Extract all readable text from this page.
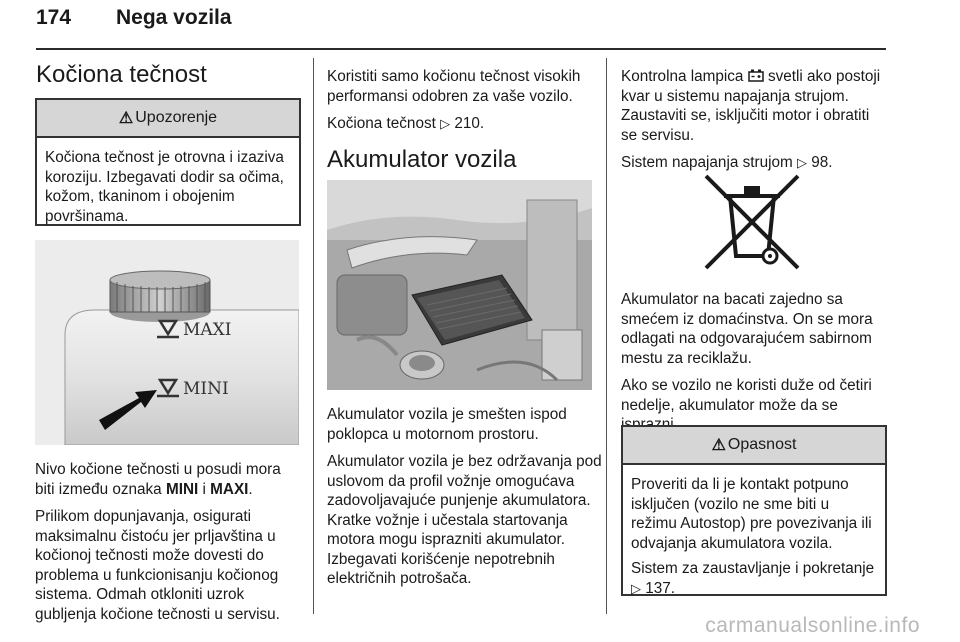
174 Nega vozila
Kočiona tečnost
⚠ Upozorenje

Kočiona tečnost je otrovna i izaziva koroziju. Izbegavati dodir sa očima, kožom, tkaninom i obojenim površinama.

MAXI
MINI

Nivo kočione tečnosti u posudi mora biti između oznaka MINI i MAXI.

Prilikom dopunjavanja, osigurati maksimalnu čistoću jer prljavština u kočionoj tečnosti može dovesti do problema u funkcionisanju kočionog sistema. Odmah otkloniti uzrok gubljenja kočione tečnosti u servisu.

Koristiti samo kočionu tečnost visokih performansi odobren za vaše vozilo.

Kočiona tečnost ▷ 210.

Akumulator vozila

Akumulator vozila je smešten ispod poklopca u motornom prostoru.

Akumulator vozila je bez održavanja pod uslovom da profil vožnje omogućava zadovoljavajuće punjenje akumulatora. Kratke vožnje i učestala startovanja motora mogu isprazniti akumulator. Izbegavati korišćenje nepotrebnih električnih potrošača.

Kontrolna lampica svetli ako postoji kvar u sistemu napajanja strujom. Zaustaviti se, isključiti motor i obratiti se servisu.

Sistem napajanja strujom ▷ 98.

Akumulator na bacati zajedno sa smećem iz domaćinstva. On se mora odlagati na odgovarajućem sabirnom mestu za reciklažu.

Ako se vozilo ne koristi duže od četiri nedelje, akumulator može da se

⚠ Opasnost

Proveriti da li je kontakt potpuno isključen (vozilo ne sme biti u režimu Autostop) pre povezivanja ili odvajanja akumulatora vozila.

Sistem za zaustavljanje i pokretanje ▷ 137.

carmanualsonline.info
